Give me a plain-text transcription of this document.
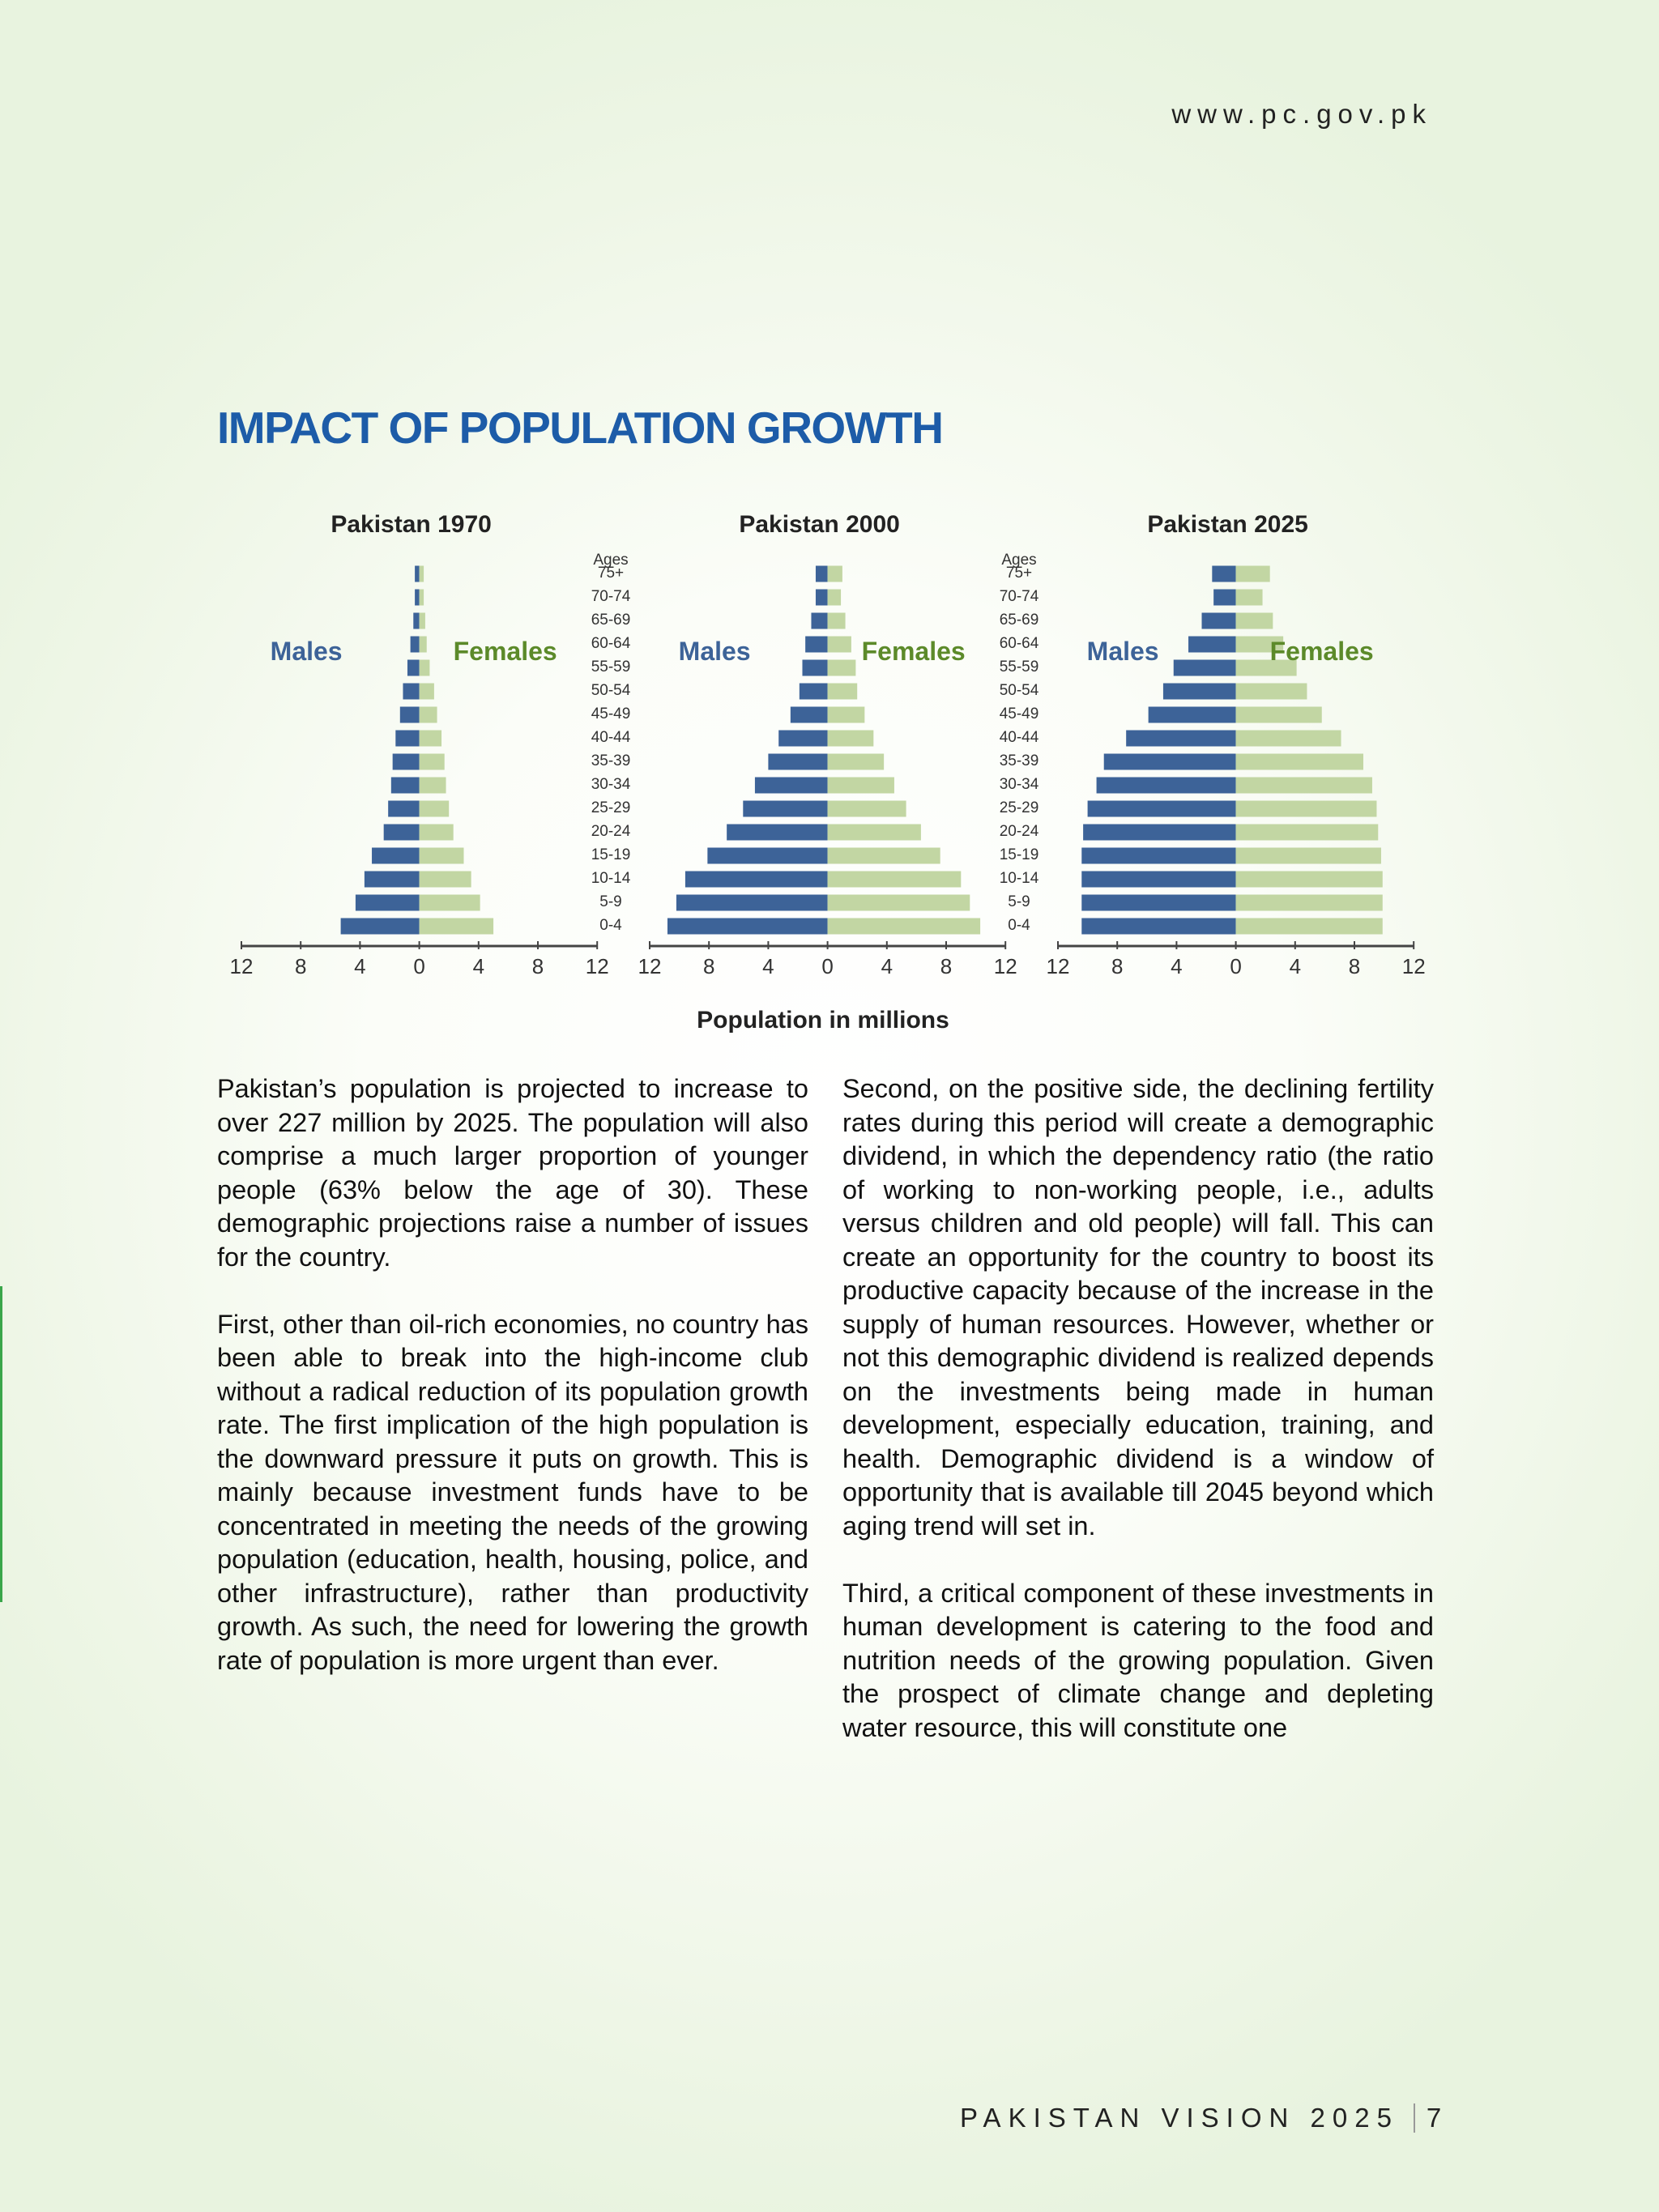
www.pc.gov.pk
IMPACT OF POPULATION GROWTH
Pakistan 1970
Males	Females
12 8 4 0 4 8 12
Pakistan 2000
Males	Females
12 8 4 0 4 8 12
Pakistan 2025
Males	Females
12 8 4 0 4 8 12
Ages
0-4
5-9
10-14
15-19
20-24
25-29
30-34
35-39
40-44
45-49
50-54
55-59
60-64
65-69
70-74
75+
Ages
0-4
5-9
10-14
15-19
20-24
25-29
30-34
35-39
40-44
45-49
50-54
55-59
60-64
65-69
70-74
75+
Population in millions

Pakistan’s population is projected to increase to over 227 million by 2025. The population will also comprise a much larger proportion of younger people (63% below the age of 30). These demographic projections raise a number of issues for the country.

First, other than oil-rich economies, no country has been able to break into the high-income club without a radical reduction of its population growth rate. The first implication of the high population is the downward pressure it puts on growth. This is mainly because investment funds have to be concentrated in meeting the needs of the growing population (education, health, housing, police, and other infrastructure), rather than productivity growth. As such, the need for lowering the growth rate of population is more urgent than ever.

Second, on the positive side, the declining fertility rates during this period will create a demographic dividend, in which the dependency ratio (the ratio of working to non-working people, i.e., adults versus children and old people) will fall. This can create an opportunity for the country to boost its productive capacity because of the increase in the supply of human resources. However, whether or not this demographic dividend is realized depends on the investments being made in human development, especially education, training, and health. Demographic dividend is a window of opportunity that is available till 2045 beyond which aging trend will set in.

Third, a critical component of these investments in human development is catering to the food and nutrition needs of the growing population. Given the prospect of climate change and depleting water resource, this will constitute one

PAKISTAN VISION 2025 7
